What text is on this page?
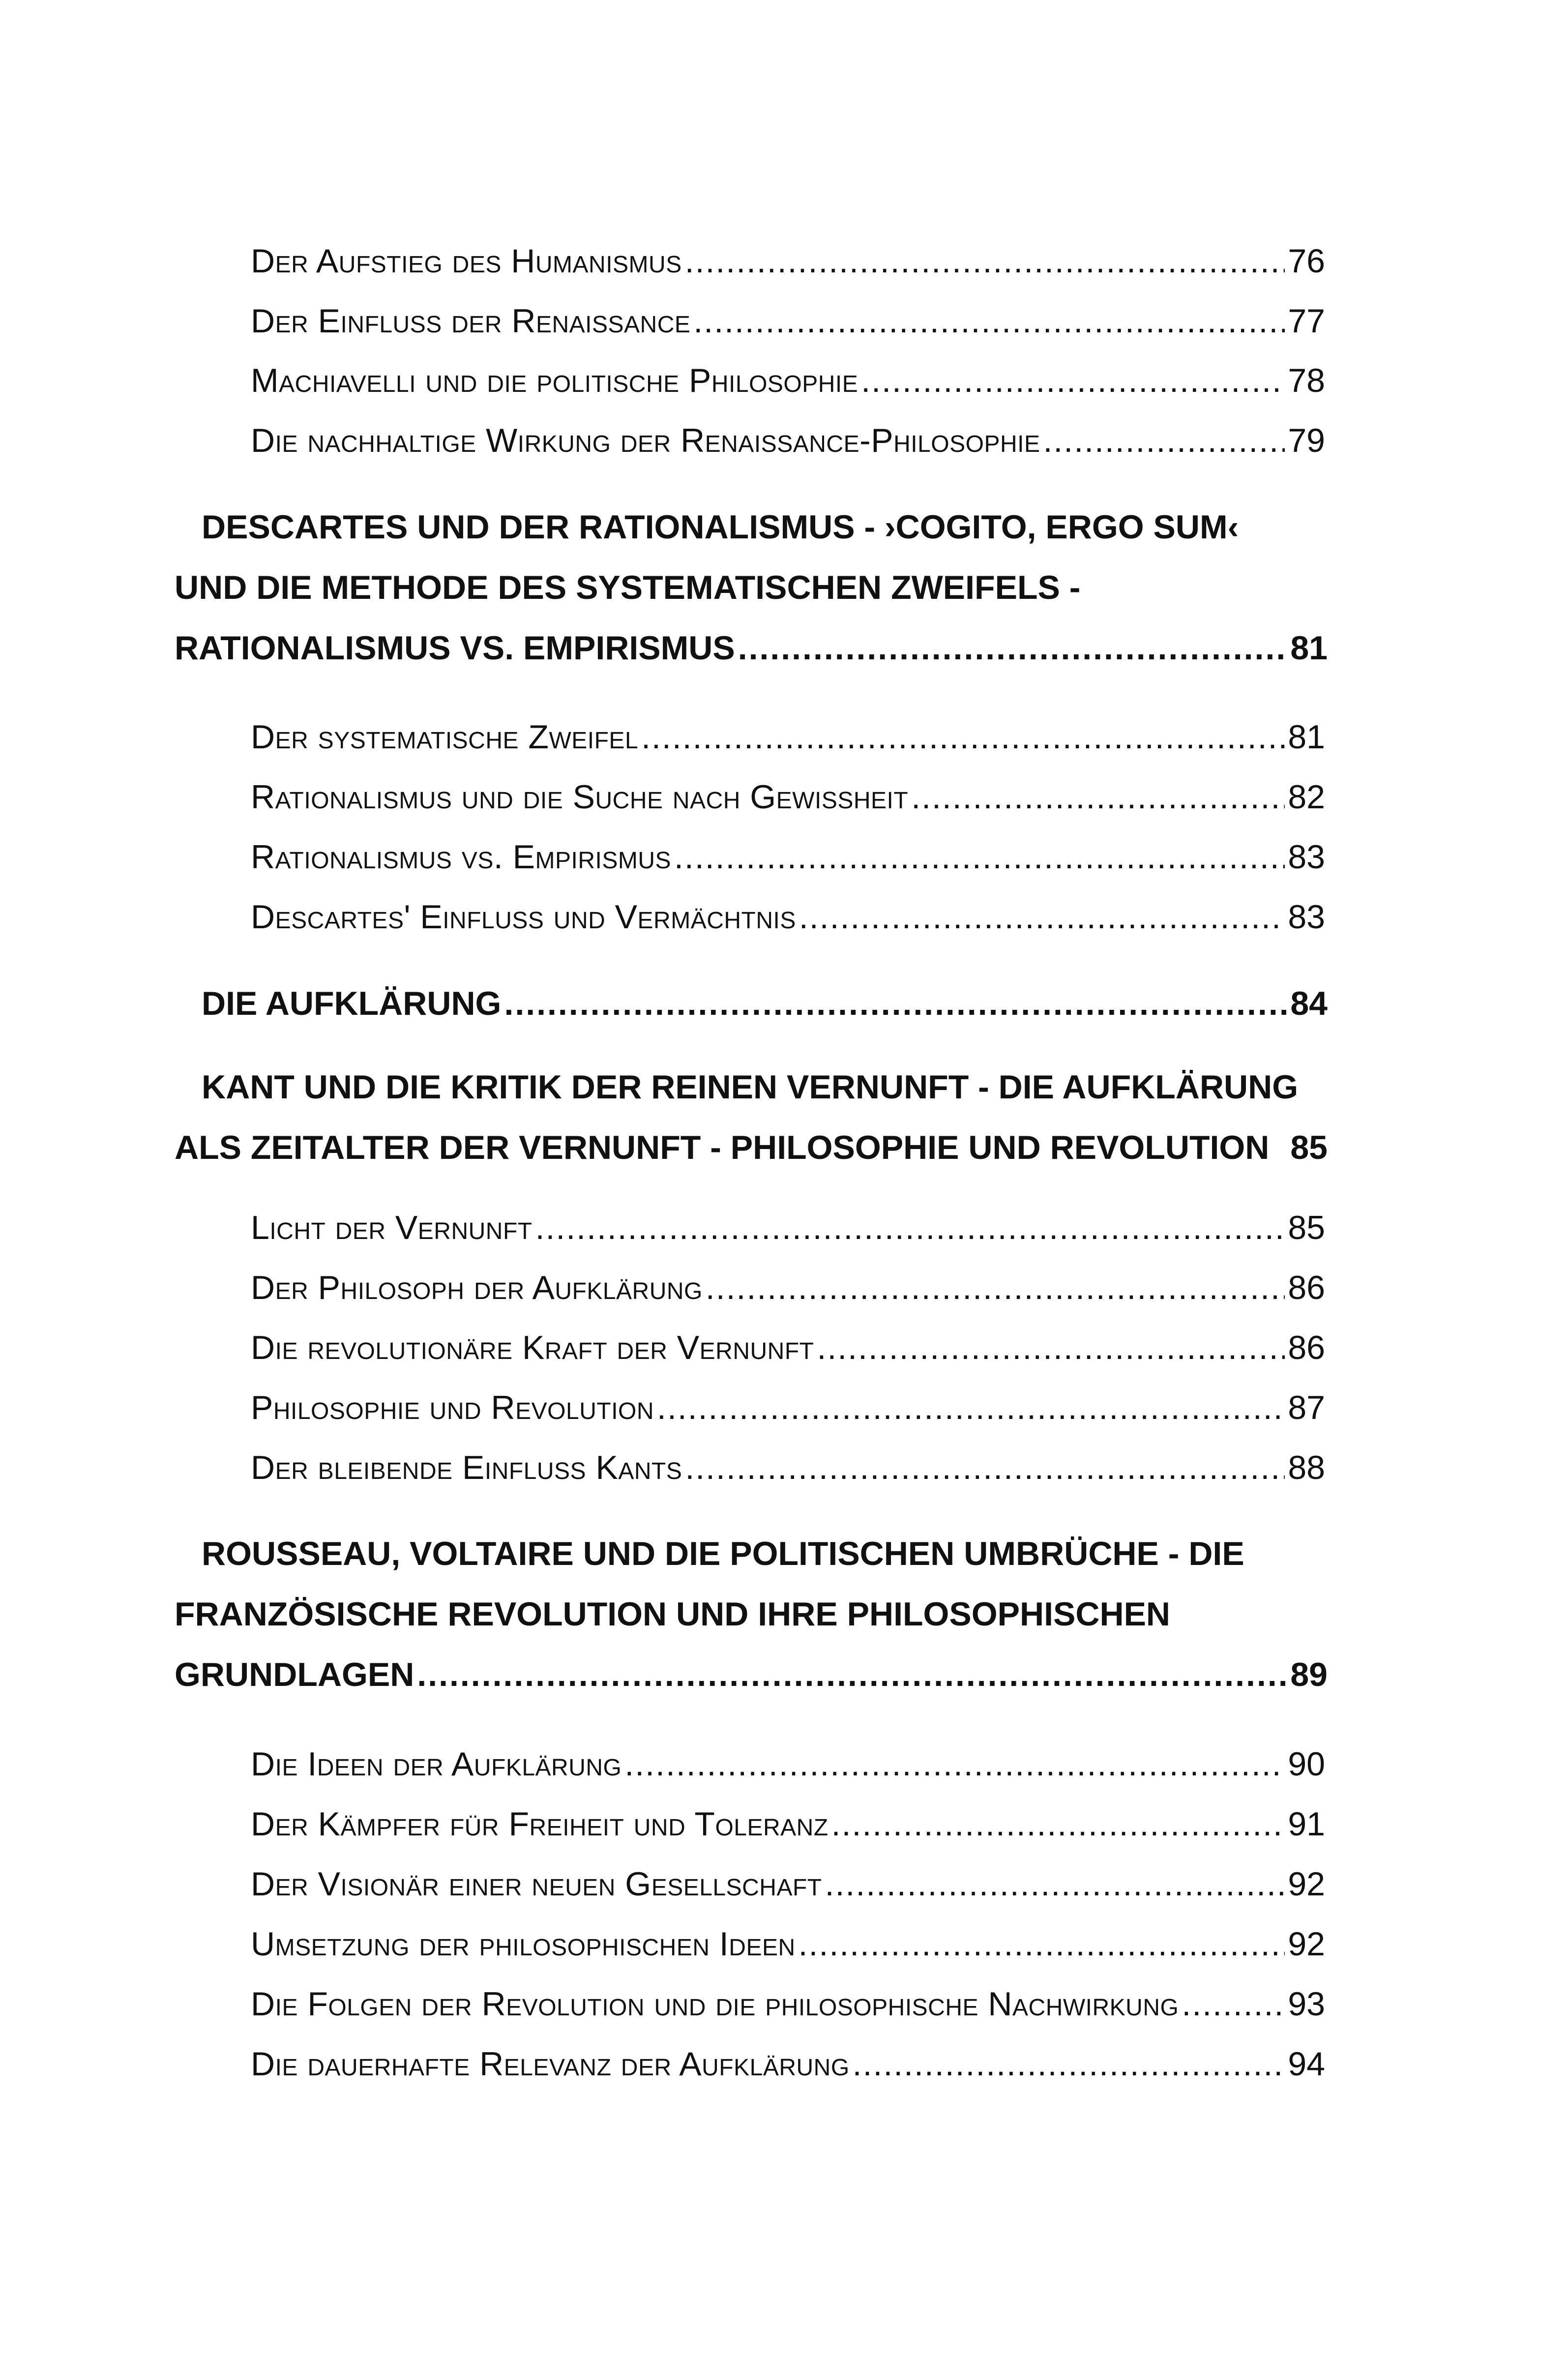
Der Aufstieg des Humanismus .....	76
Der Einfluss der Renaissance .....	77
Machiavelli und die politische Philosophie .....	78
Die nachhaltige Wirkung der Renaissance-Philosophie .....	79
DESCARTES UND DER RATIONALISMUS - ›COGITO, ERGO SUM‹
UND DIE METHODE DES SYSTEMATISCHEN ZWEIFELS -
RATIONALISMUS VS. EMPIRISMUS .....	81
Der systematische Zweifel .....	81
Rationalismus und die Suche nach Gewissheit .....	82
Rationalismus vs. Empirismus .....	83
Descartes' Einfluss und Vermächtnis .....	83
DIE AUFKLÄRUNG .....	84
KANT UND DIE KRITIK DER REINEN VERNUNFT - DIE AUFKLÄRUNG
ALS ZEITALTER DER VERNUNFT - PHILOSOPHIE UND REVOLUTION 85
Licht der Vernunft .....	85
Der Philosoph der Aufklärung .....	86
Die revolutionäre Kraft der Vernunft .....	86
Philosophie und Revolution .....	87
Der bleibende Einfluss Kants .....	88
ROUSSEAU, VOLTAIRE UND DIE POLITISCHEN UMBRÜCHE - DIE
FRANZÖSISCHE REVOLUTION UND IHRE PHILOSOPHISCHEN
GRUNDLAGEN .....	89
Die Ideen der Aufklärung .....	90
Der Kämpfer für Freiheit und Toleranz .....	91
Der Visionär einer neuen Gesellschaft .....	92
Umsetzung der philosophischen Ideen .....	92
Die Folgen der Revolution und die philosophische Nachwirkung .....	93
Die dauerhafte Relevanz der Aufklärung .....	94
